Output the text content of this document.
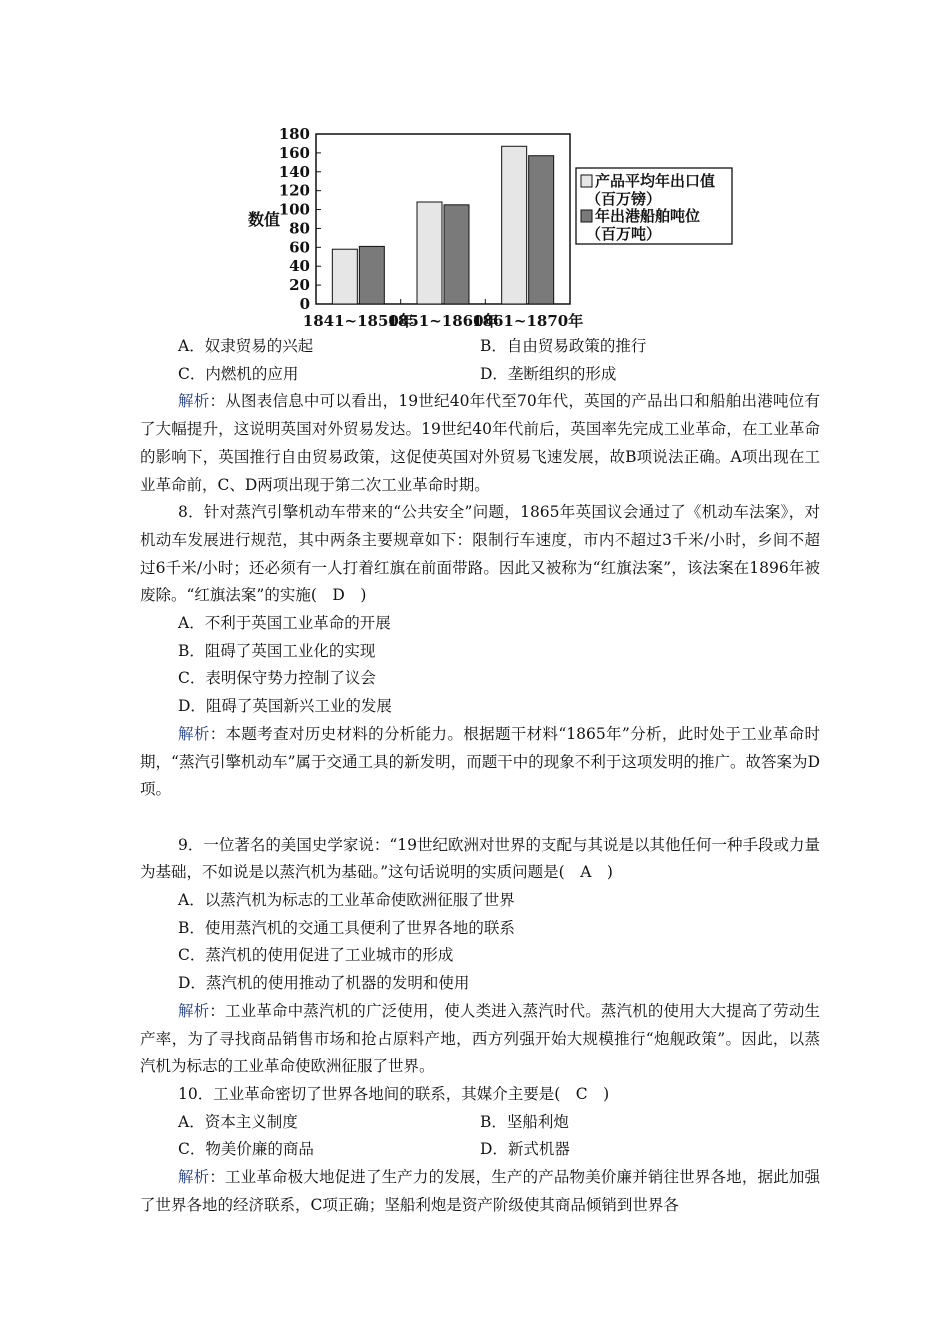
0
20
40
60
80
100
120
140
160
180
1841~1850年
1851~1860年
1861~1870年
数值
产品平均年出口值
（百万镑）
年出港船舶吨位
（百万吨）
A．奴隶贸易的兴起	B．自由贸易政策的推行
C．内燃机的应用	D．垄断组织的形成

解析：从图表信息中可以看出，19世纪40年代至70年代，英国的产品出口和船舶出港吨位有了大幅提升，这说明英国对外贸易发达。19世纪40年代前后，英国率先完成工业革命，在工业革命的影响下，英国推行自由贸易政策，这促使英国对外贸易飞速发展，故B项说法正确。A项出现在工业革命前，C、D两项出现于第二次工业革命时期。

8．针对蒸汽引擎机动车带来的“公共安全”问题，1865年英国议会通过了《机动车法案》，对机动车发展进行规范，其中两条主要规章如下：限制行车速度，市内不超过3千米/小时，乡间不超过6千米/小时；还必须有一人打着红旗在前面带路。因此又被称为“红旗法案”，该法案在1896年被废除。“红旗法案”的实施(　D　)

A．不利于英国工业革命的开展

B．阻碍了英国工业化的实现

C．表明保守势力控制了议会

D．阻碍了英国新兴工业的发展

解析：本题考查对历史材料的分析能力。根据题干材料“1865年”分析，此时处于工业革命时期，“蒸汽引擎机动车”属于交通工具的新发明，而题干中的现象不利于这项发明的推广。故答案为D项。

9．一位著名的美国史学家说：“19世纪欧洲对世界的支配与其说是以其他任何一种手段或力量为基础，不如说是以蒸汽机为基础。”这句话说明的实质问题是(　A　)

A．以蒸汽机为标志的工业革命使欧洲征服了世界

B．使用蒸汽机的交通工具便利了世界各地的联系

C．蒸汽机的使用促进了工业城市的形成

D．蒸汽机的使用推动了机器的发明和使用

解析：工业革命中蒸汽机的广泛使用，使人类进入蒸汽时代。蒸汽机的使用大大提高了劳动生产率，为了寻找商品销售市场和抢占原料产地，西方列强开始大规模推行“炮舰政策”。因此，以蒸汽机为标志的工业革命使欧洲征服了世界。

10．工业革命密切了世界各地间的联系，其媒介主要是(　C　)

A．资本主义制度	B．坚船利炮
C．物美价廉的商品	D．新式机器

解析：工业革命极大地促进了生产力的发展，生产的产品物美价廉并销往世界各地，据此加强了世界各地的经济联系，C项正确；坚船利炮是资产阶级使其商品倾销到世界各
